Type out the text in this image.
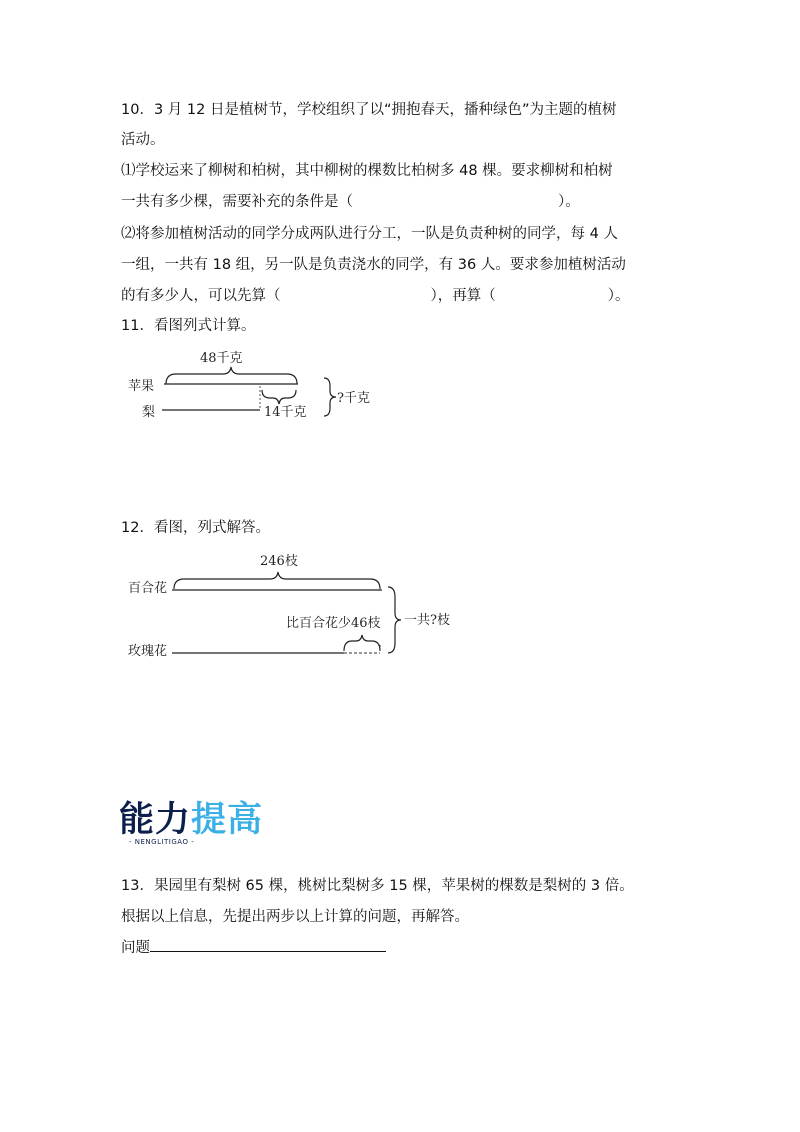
10．3 月 12 日是植树节，学校组织了以“拥抱春天，播种绿色”为主题的植树
活动。
⑴学校运来了柳树和柏树，其中柳树的棵数比柏树多 48 棵。要求柳树和柏树
一共有多少棵，需要补充的条件是（	）。
⑵将参加植树活动的同学分成两队进行分工，一队是负责种树的同学，每 4 人
一组，一共有 18 组，另一队是负责浇水的同学，有 36 人。要求参加植树活动
的有多少人，可以先算（	），再算（	）。
11．看图列式计算。
48千克
苹果
梨	14千克
?千克
12．看图，列式解答。
246枝
百合花
比百合花少46枝
玫瑰花
一共?枝
能力提高
- NENGLITIGAO -
13．果园里有梨树 65 棵，桃树比梨树多 15 棵，苹果树的棵数是梨树的 3 倍。
根据以上信息，先提出两步以上计算的问题，再解答。
问题
